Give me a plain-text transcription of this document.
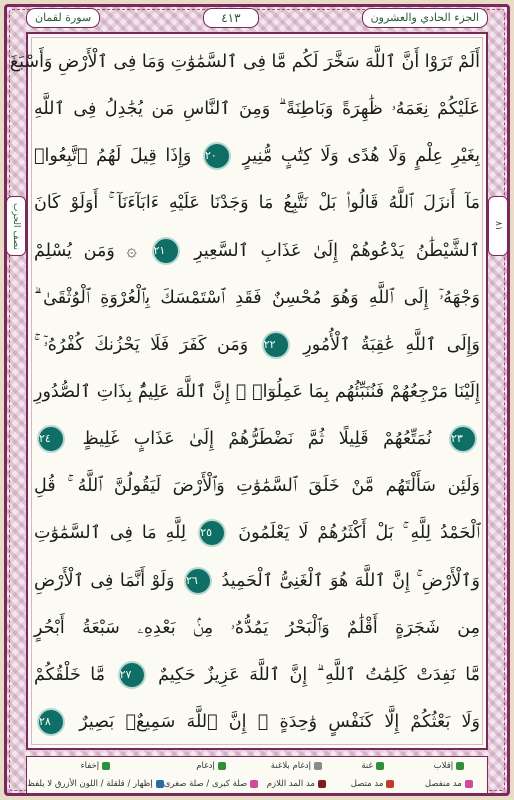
سورة لقمان	٤١٣	الجزء الحادي والعشرون
نصف الحزب	٨١
أَلَمْ تَرَوْا أَنَّ ٱللَّهَ سَخَّرَ لَكُم مَّا فِى ٱلسَّمَٰوَٰتِ وَمَا فِى ٱلْأَرْضِ وَأَسْبَغَ
عَلَيْكُمْ نِعَمَهُۥ ظَٰهِرَةً وَبَاطِنَةً ۗ وَمِنَ ٱلنَّاسِ مَن يُجَٰدِلُ فِى ٱللَّهِ
بِغَيْرِ عِلْمٍ وَلَا هُدًى وَلَا كِتَٰبٍ مُّنِيرٍ ٢٠ وَإِذَا قِيلَ لَهُمُ ٱتَّبِعُوا۟
مَآ أَنزَلَ ٱللَّهُ قَالُوا۟ بَلْ نَتَّبِعُ مَا وَجَدْنَا عَلَيْهِ ءَابَآءَنَآ ۚ أَوَلَوْ كَانَ
ٱلشَّيْطَٰنُ يَدْعُوهُمْ إِلَىٰ عَذَابِ ٱلسَّعِيرِ ٢١ ۞ وَمَن يُسْلِمْ
وَجْهَهُۥٓ إِلَى ٱللَّهِ وَهُوَ مُحْسِنٌ فَقَدِ ٱسْتَمْسَكَ بِٱلْعُرْوَةِ ٱلْوُثْقَىٰ ۗ
وَإِلَى ٱللَّهِ عَٰقِبَةُ ٱلْأُمُورِ ٢٢ وَمَن كَفَرَ فَلَا يَحْزُنكَ كُفْرُهُۥٓ ۚ
إِلَيْنَا مَرْجِعُهُمْ فَنُنَبِّئُهُم بِمَا عَمِلُوٓا۟ ۚ إِنَّ ٱللَّهَ عَلِيمٌۢ بِذَاتِ ٱلصُّدُورِ
٢٣ نُمَتِّعُهُمْ قَلِيلًا ثُمَّ نَضْطَرُّهُمْ إِلَىٰ عَذَابٍ غَلِيظٍ ٢٤
وَلَئِن سَأَلْتَهُم مَّنْ خَلَقَ ٱلسَّمَٰوَٰتِ وَٱلْأَرْضَ لَيَقُولُنَّ ٱللَّهُ ۚ قُلِ
ٱلْحَمْدُ لِلَّهِ ۚ بَلْ أَكْثَرُهُمْ لَا يَعْلَمُونَ ٢٥ لِلَّهِ مَا فِى ٱلسَّمَٰوَٰتِ
وَٱلْأَرْضِ ۚ إِنَّ ٱللَّهَ هُوَ ٱلْغَنِىُّ ٱلْحَمِيدُ ٢٦ وَلَوْ أَنَّمَا فِى ٱلْأَرْضِ
مِن شَجَرَةٍ أَقْلَٰمٌ وَٱلْبَحْرُ يَمُدُّهُۥ مِنۢ بَعْدِهِۦ سَبْعَةُ أَبْحُرٍ
مَّا نَفِدَتْ كَلِمَٰتُ ٱللَّهِ ۗ إِنَّ ٱللَّهَ عَزِيزٌ حَكِيمٌ ٢٧ مَّا خَلْقُكُمْ
وَلَا بَعْثُكُمْ إِلَّا كَنَفْسٍ وَٰحِدَةٍ ۗ إِنَّ ٱللَّهَ سَمِيعٌۢ بَصِيرٌ ٢٨
إقلاب
غنة
إدغام بلاغنة
إدغام
إخفاء
مد منفصل
مد متصل
مد المد اللازم
صلة كبرى / صلة صغرى
إظهار / قلقلة / اللون الأزرق لا يلفظ
